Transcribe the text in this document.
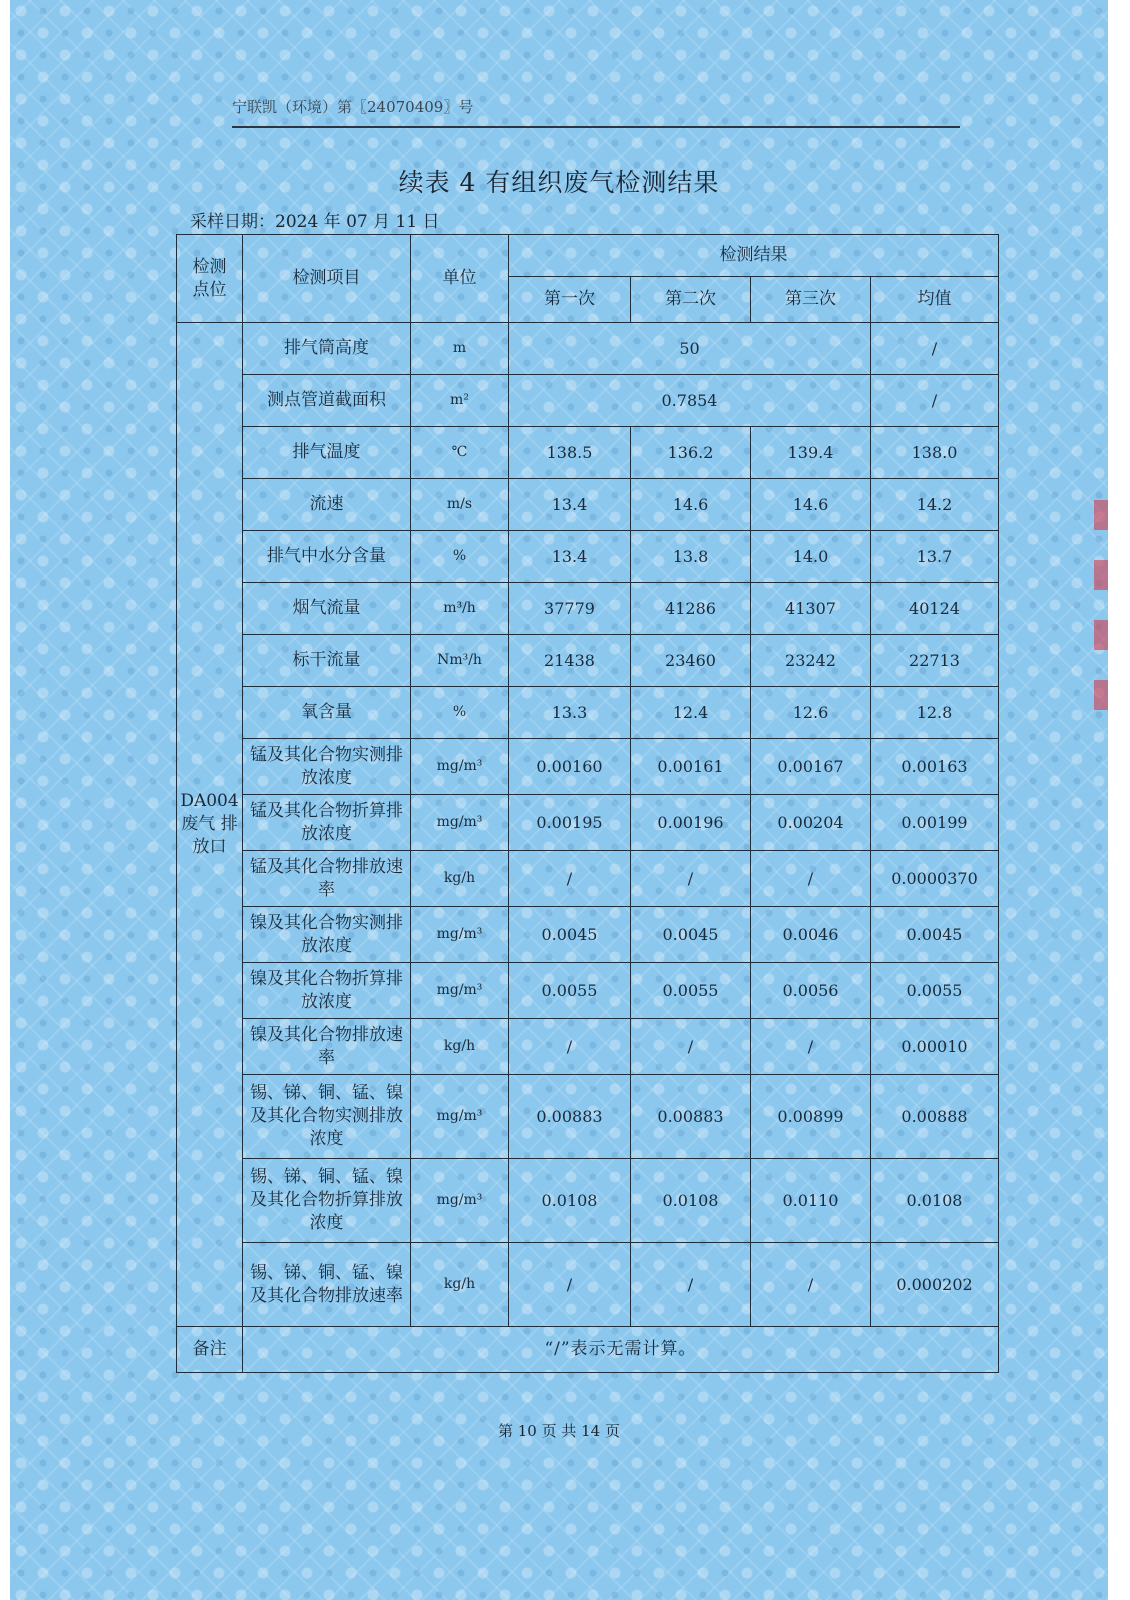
宁联凯（环境）第〖24070409〗号
续表 4 有组织废气检测结果
采样日期：2024 年 07 月 11 日
检测点位	检测项目	单位	检测结果			
			第一次	第二次	第三次	均值
DA004 废气 排放口	排气筒高度	m	50			/
	测点管道截面积	m²	0.7854			/
	排气温度	℃	138.5	136.2	139.4	138.0
	流速	m/s	13.4	14.6	14.6	14.2
	排气中水分含量	%	13.4	13.8	14.0	13.7
	烟气流量	m³/h	37779	41286	41307	40124
	标干流量	Nm³/h	21438	23460	23242	22713
	氧含量	%	13.3	12.4	12.6	12.8
	锰及其化合物实测排放浓度	mg/m³	0.00160	0.00161	0.00167	0.00163
	锰及其化合物折算排放浓度	mg/m³	0.00195	0.00196	0.00204	0.00199
	锰及其化合物排放速率	kg/h	/	/	/	0.0000370
	镍及其化合物实测排放浓度	mg/m³	0.0045	0.0045	0.0046	0.0045
	镍及其化合物折算排放浓度	mg/m³	0.0055	0.0055	0.0056	0.0055
	镍及其化合物排放速率	kg/h	/	/	/	0.00010
	锡、锑、铜、锰、镍及其化合物实测排放浓度	mg/m³	0.00883	0.00883	0.00899	0.00888
	锡、锑、铜、锰、镍及其化合物折算排放浓度	mg/m³	0.0108	0.0108	0.0110	0.0108
	锡、锑、铜、锰、镍及其化合物排放速率	kg/h	/	/	/	0.000202
备注	“/”表示无需计算。					
第 10 页 共 14 页
